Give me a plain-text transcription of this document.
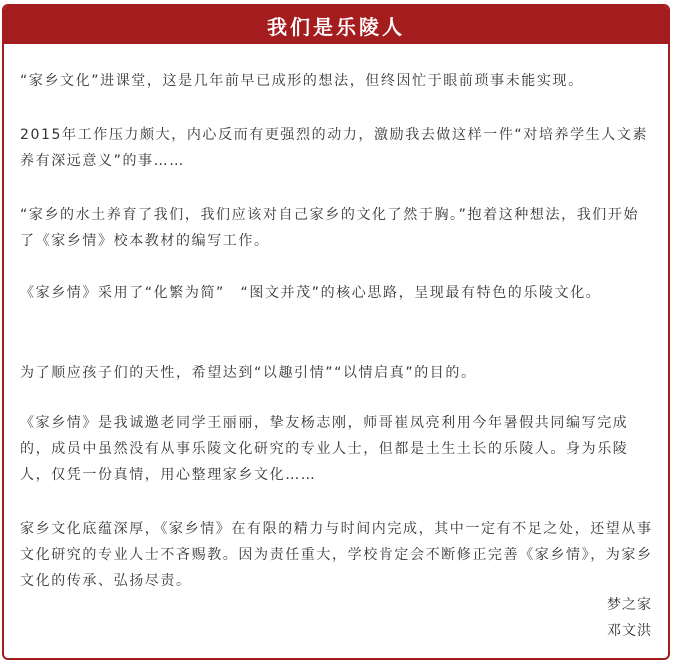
我们是乐陵人

“家乡文化”进课堂，这是几年前早已成形的想法，但终因忙于眼前琐事未能实现。

2015年工作压力颇大，内心反而有更强烈的动力，激励我去做这样一件“对培养学生人文素养有深远意义”的事……

“家乡的水土养育了我们，我们应该对自己家乡的文化了然于胸。”抱着这种想法，我们开始了《家乡情》校本教材的编写工作。

《家乡情》采用了“化繁为简”　“图文并茂”的核心思路，呈现最有特色的乐陵文化。

为了顺应孩子们的天性，希望达到“以趣引情”“以情启真”的目的。

《家乡情》是我诚邀老同学王丽丽，挚友杨志刚，师哥崔凤亮利用今年暑假共同编写完成的，成员中虽然没有从事乐陵文化研究的专业人士，但都是土生土长的乐陵人。身为乐陵人，仅凭一份真情，用心整理家乡文化……

家乡文化底蕴深厚，《家乡情》在有限的精力与时间内完成，其中一定有不足之处，还望从事文化研究的专业人士不吝赐教。因为责任重大，学校肯定会不断修正完善《家乡情》，为家乡文化的传承、弘扬尽责。

梦之家
邓文洪
